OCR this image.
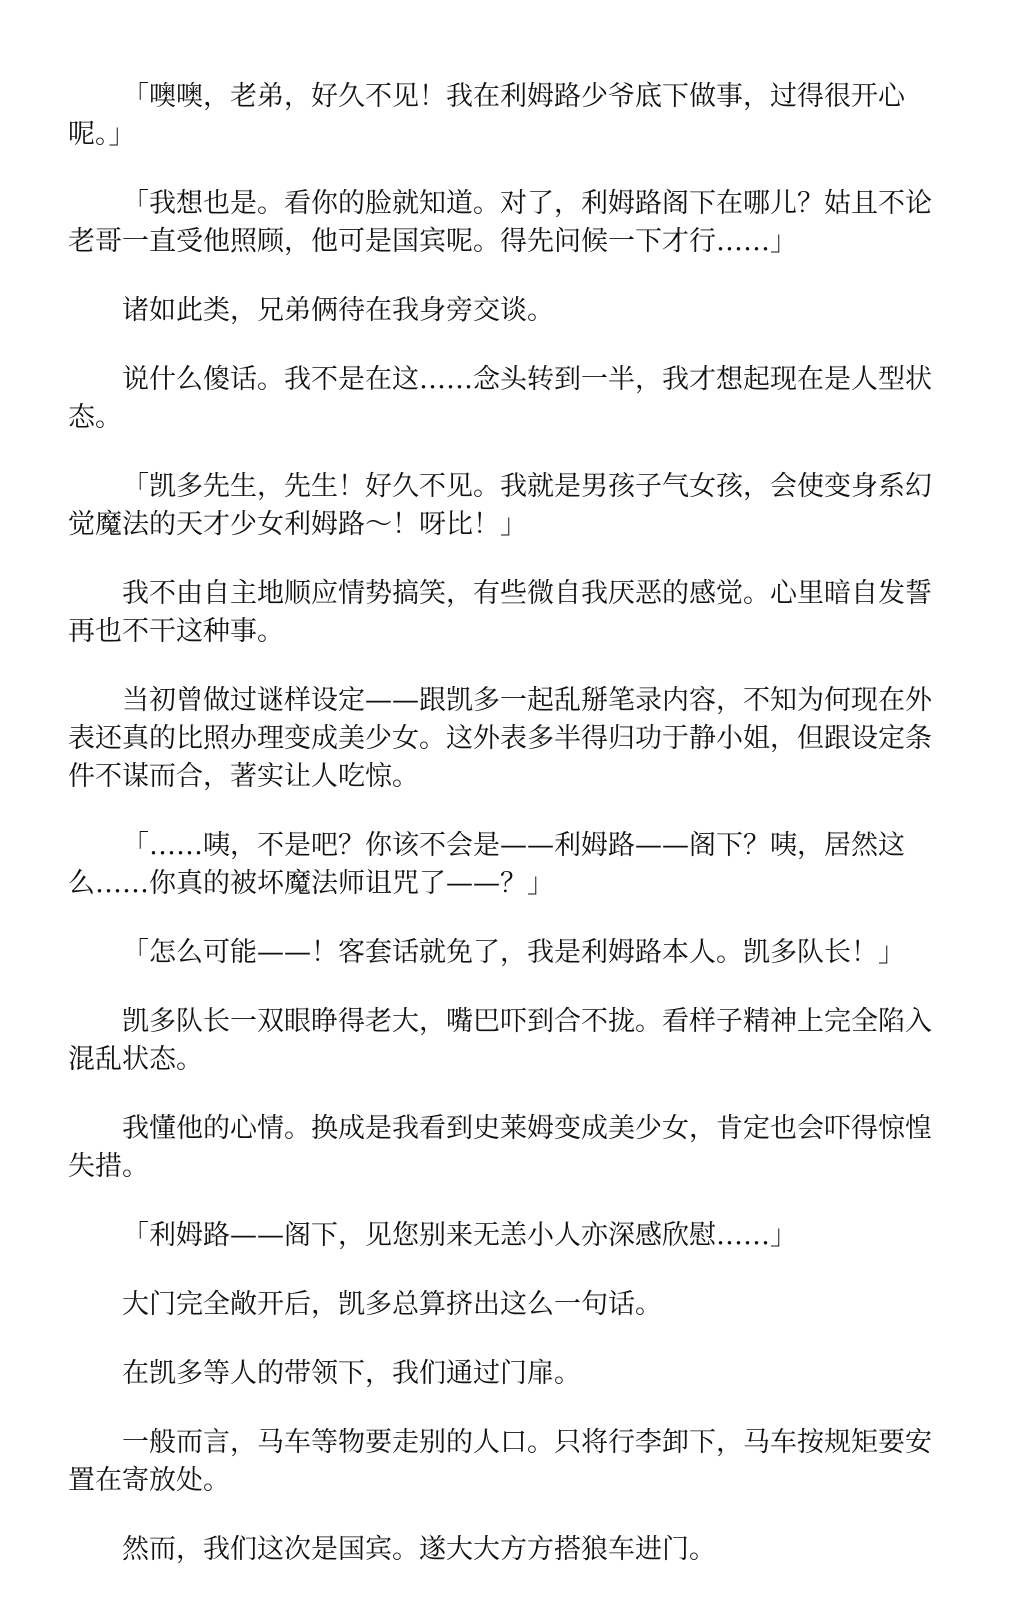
「噢噢，老弟，好久不见！我在利姆路少爷底下做事，过得很开心呢。」

「我想也是。看你的脸就知道。对了，利姆路阁下在哪儿？姑且不论老哥一直受他照顾，他可是国宾呢。得先问候一下才行……」

诸如此类，兄弟俩待在我身旁交谈。

说什么傻话。我不是在这……念头转到一半，我才想起现在是人型状态。

「凯多先生，先生！好久不见。我就是男孩子气女孩，会使变身系幻觉魔法的天才少女利姆路～！呀比！」

我不由自主地顺应情势搞笑，有些微自我厌恶的感觉。心里暗自发誓再也不干这种事。

当初曾做过谜样设定——跟凯多一起乱掰笔录内容，不知为何现在外表还真的比照办理变成美少女。这外表多半得归功于静小姐，但跟设定条件不谋而合，著实让人吃惊。

「……咦，不是吧？你该不会是——利姆路——阁下？咦，居然这么……你真的被坏魔法师诅咒了——？」

「怎么可能——！客套话就免了，我是利姆路本人。凯多队长！」

凯多队长一双眼睁得老大，嘴巴吓到合不拢。看样子精神上完全陷入混乱状态。

我懂他的心情。换成是我看到史莱姆变成美少女，肯定也会吓得惊惶失措。

「利姆路——阁下，见您别来无恙小人亦深感欣慰……」

大门完全敞开后，凯多总算挤出这么一句话。

在凯多等人的带领下，我们通过门扉。

一般而言，马车等物要走别的人口。只将行李卸下，马车按规矩要安置在寄放处。

然而，我们这次是国宾。遂大大方方搭狼车进门。
